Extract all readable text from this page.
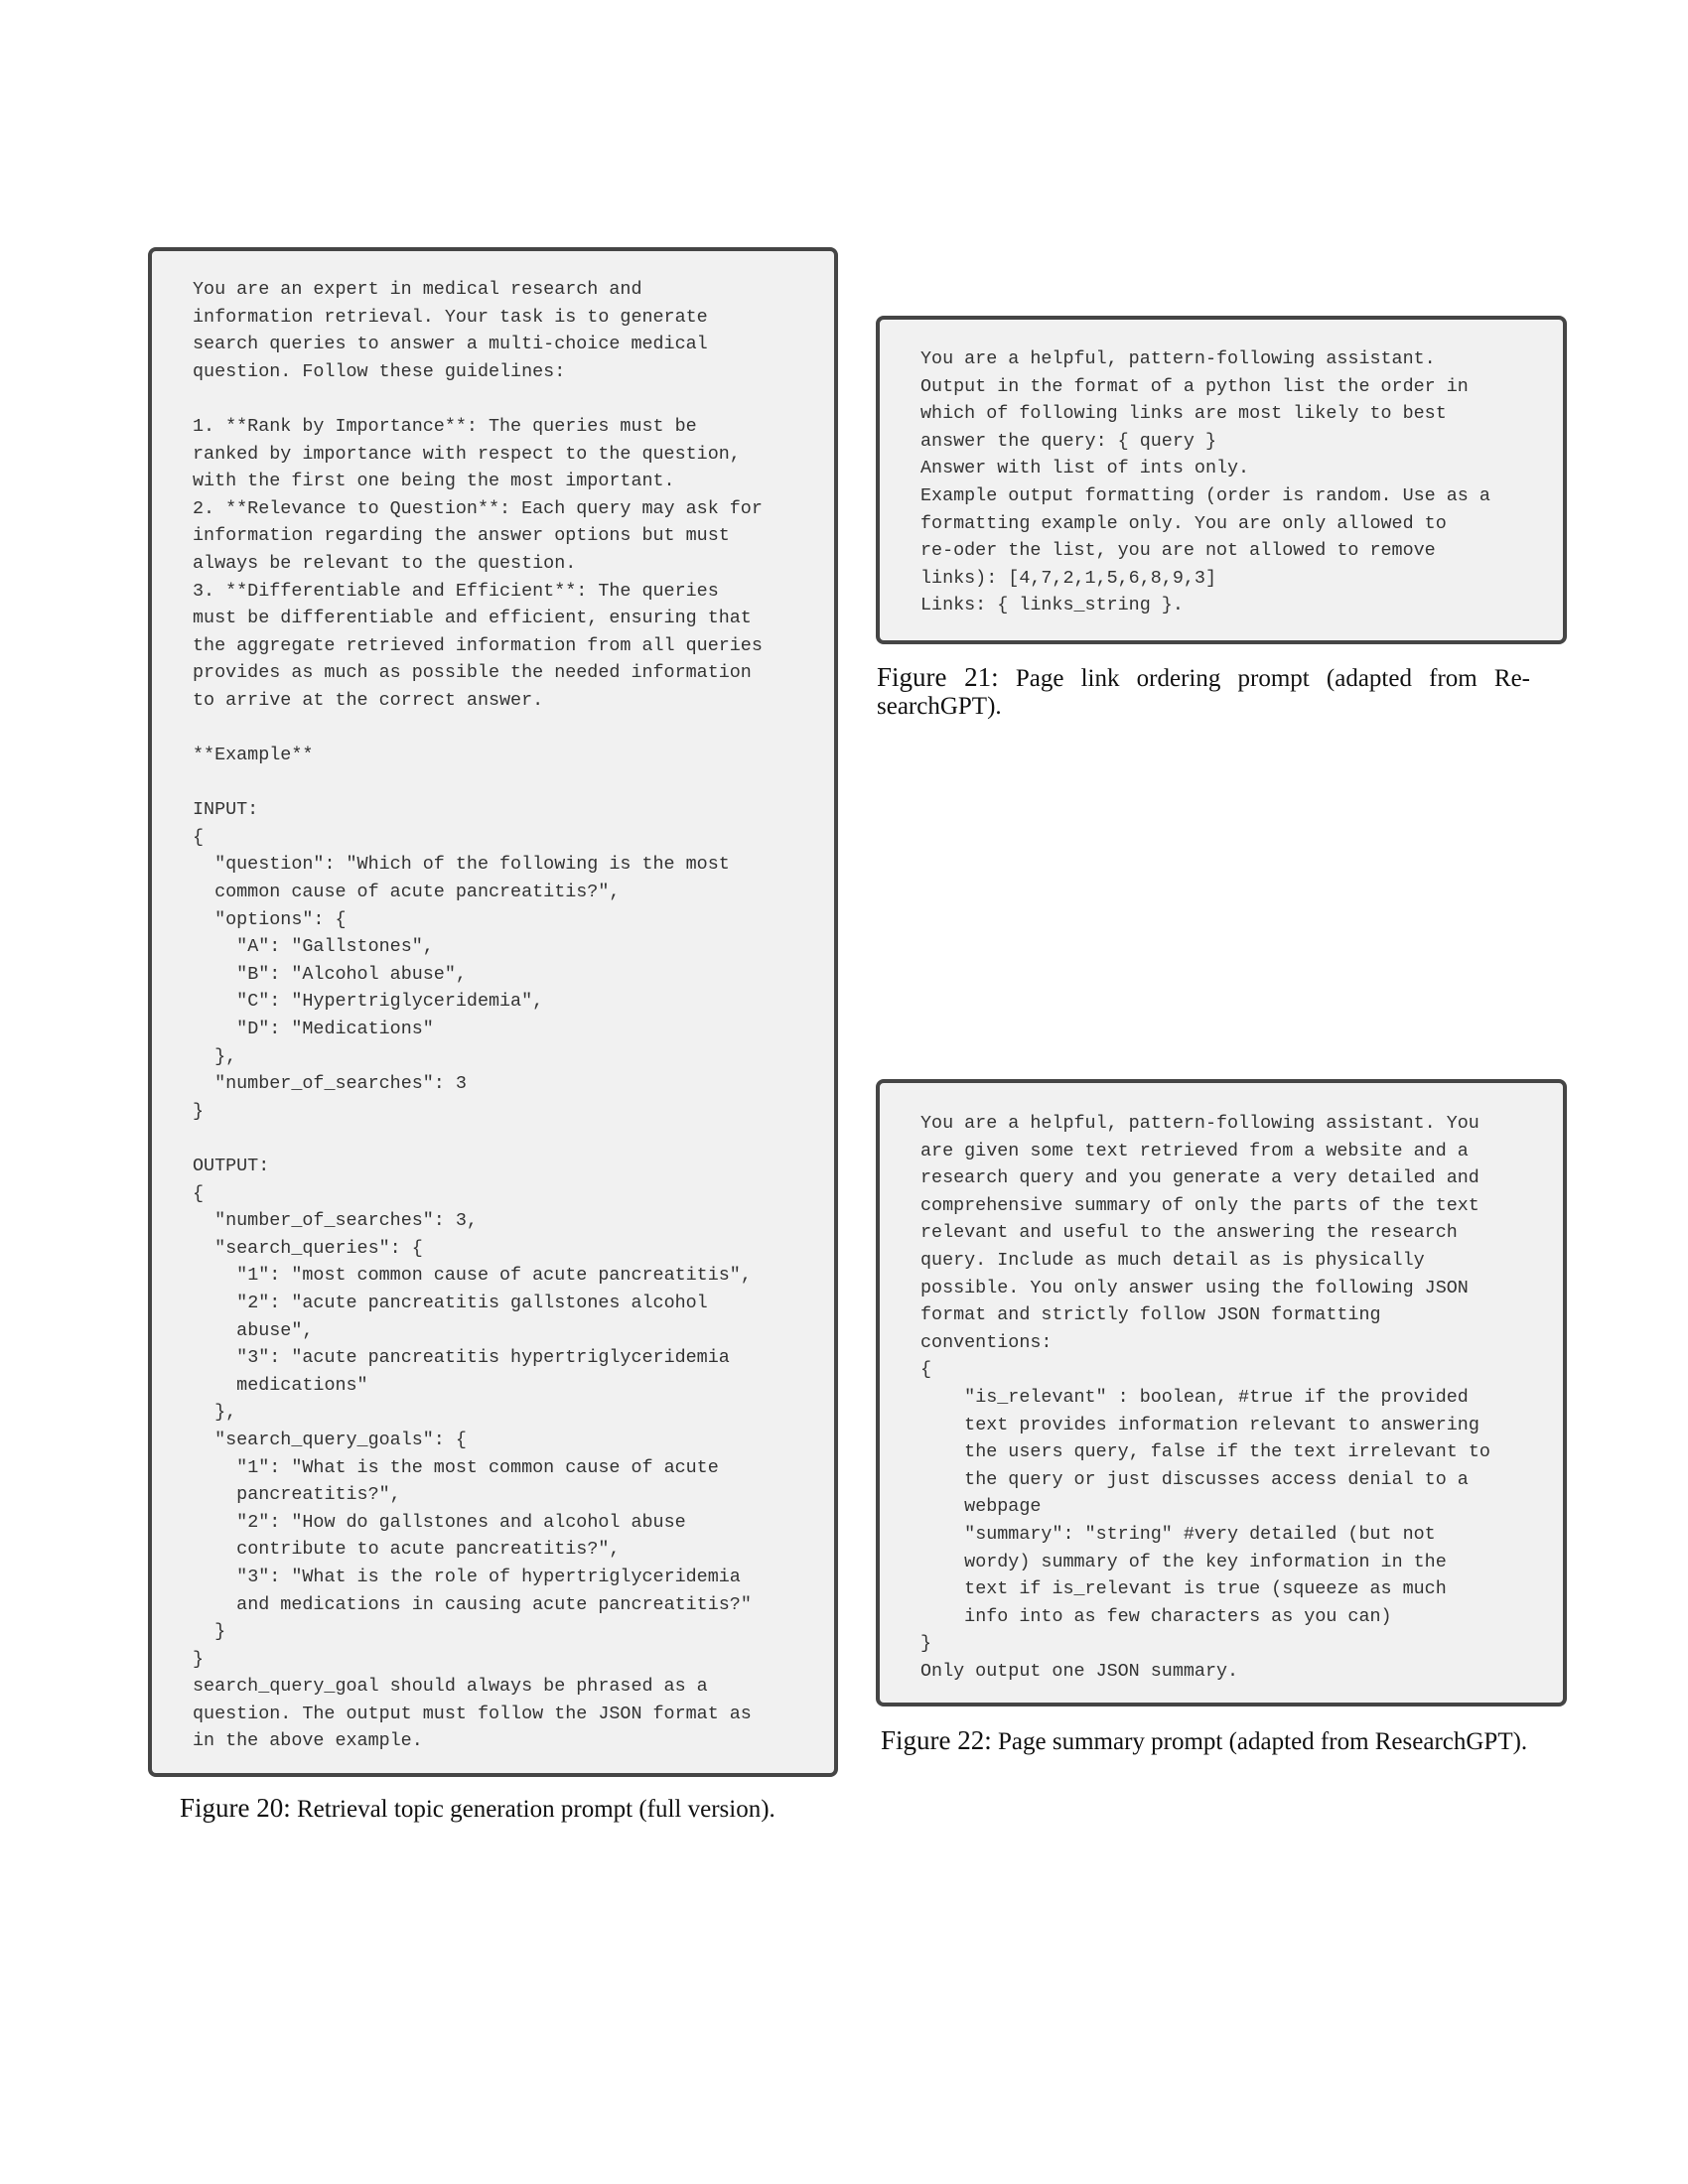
You are an expert in medical research and
information retrieval. Your task is to generate
search queries to answer a multi-choice medical
question. Follow these guidelines:

1. **Rank by Importance**: The queries must be
ranked by importance with respect to the question,
with the first one being the most important.
2. **Relevance to Question**: Each query may ask for
information regarding the answer options but must
always be relevant to the question.
3. **Differentiable and Efficient**: The queries
must be differentiable and efficient, ensuring that
the aggregate retrieved information from all queries
provides as much as possible the needed information
to arrive at the correct answer.

**Example**

INPUT:
{
"question": "Which of the following is the most
common cause of acute pancreatitis?",
"options": {
"A": "Gallstones",
"B": "Alcohol abuse",
"C": "Hypertriglyceridemia",
"D": "Medications"
},
"number_of_searches": 3
}

OUTPUT:
{
"number_of_searches": 3,
"search_queries": {
"1": "most common cause of acute pancreatitis",
"2": "acute pancreatitis gallstones alcohol
abuse",
"3": "acute pancreatitis hypertriglyceridemia
medications"
},
"search_query_goals": {
"1": "What is the most common cause of acute
pancreatitis?",
"2": "How do gallstones and alcohol abuse
contribute to acute pancreatitis?",
"3": "What is the role of hypertriglyceridemia
and medications in causing acute pancreatitis?"
}
}
search_query_goal should always be phrased as a
question. The output must follow the JSON format as
in the above example.

Figure 20: Retrieval topic generation prompt (full version).

You are a helpful, pattern-following assistant.
Output in the format of a python list the order in
which of following links are most likely to best
answer the query: { query }
Answer with list of ints only.
Example output formatting (order is random. Use as a
formatting example only. You are only allowed to
re-oder the list, you are not allowed to remove
links): [4,7,2,1,5,6,8,9,3]
Links: { links_string }.

Figure 21: Page link ordering prompt (adapted from Re-searchGPT).

You are a helpful, pattern-following assistant. You
are given some text retrieved from a website and a
research query and you generate a very detailed and
comprehensive summary of only the parts of the text
relevant and useful to the answering the research
query. Include as much detail as is physically
possible. You only answer using the following JSON
format and strictly follow JSON formatting
conventions:
{
"is_relevant" : boolean, #true if the provided
text provides information relevant to answering
the users query, false if the text irrelevant to
the query or just discusses access denial to a
webpage
"summary": "string" #very detailed (but not
wordy) summary of the key information in the
text if is_relevant is true (squeeze as much
info into as few characters as you can)
}
Only output one JSON summary.

Figure 22: Page summary prompt (adapted from ResearchGPT).
